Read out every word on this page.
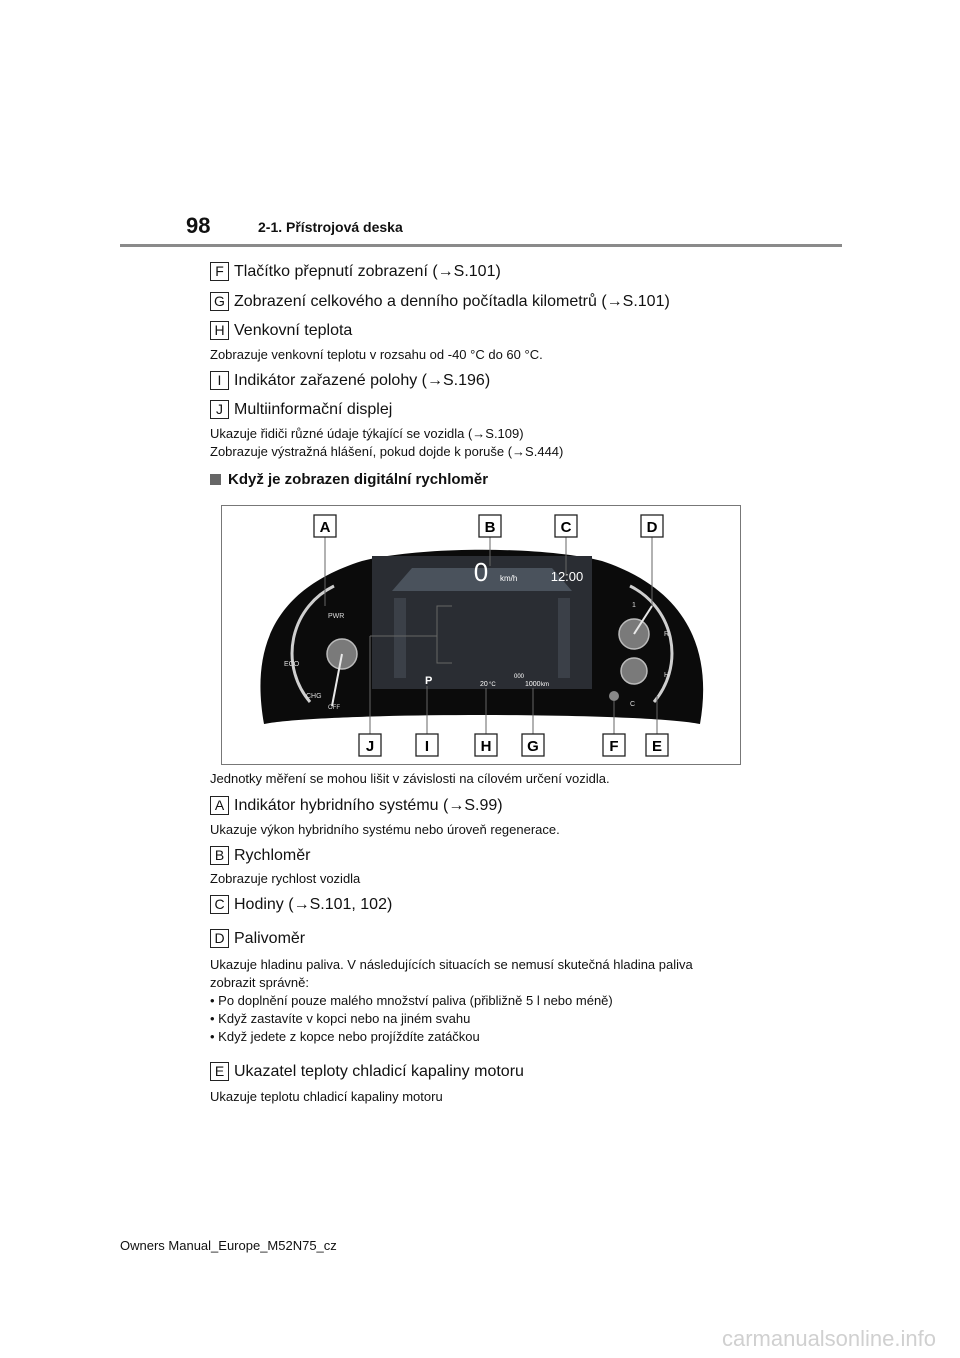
98	2-1. Přístrojová deska
F Tlačítko přepnutí zobrazení (→S.101)
G Zobrazení celkového a denního počítadla kilometrů (→S.101)
H Venkovní teplota

Zobrazuje venkovní teplotu v rozsahu od -40 °C do 60 °C.

I Indikátor zařazené polohy (→S.196)
J Multiinformační displej

Ukazuje řidiči různé údaje týkající se vozidla (→S.109)

Zobrazuje výstražná hlášení, pokud dojde k poruše (→S.444)

Když je zobrazen digitální rychloměr
0 km/h	12:00
P	20 °C
000
1000 km
PWR
ECO
CHG
OFF
1
R
H
C
A	B	C	D
J	I	H G	F E

Jednotky měření se mohou lišit v závislosti na cílovém určení vozidla.

A Indikátor hybridního systému (→S.99)

Ukazuje výkon hybridního systému nebo úroveň regenerace.

B Rychloměr

Zobrazuje rychlost vozidla

C Hodiny (→S.101, 102)
D Palivoměr

Ukazuje hladinu paliva. V následujících situacích se nemusí skutečná hladina paliva

zobrazit správně:

• Po doplnění pouze malého množství paliva (přibližně 5 l nebo méně)

• Když zastavíte v kopci nebo na jiném svahu

• Když jedete z kopce nebo projíždíte zatáčkou

E Ukazatel teploty chladicí kapaliny motoru

Ukazuje teplotu chladicí kapaliny motoru

Owners Manual_Europe_M52N75_cz
carmanualsonline.info
